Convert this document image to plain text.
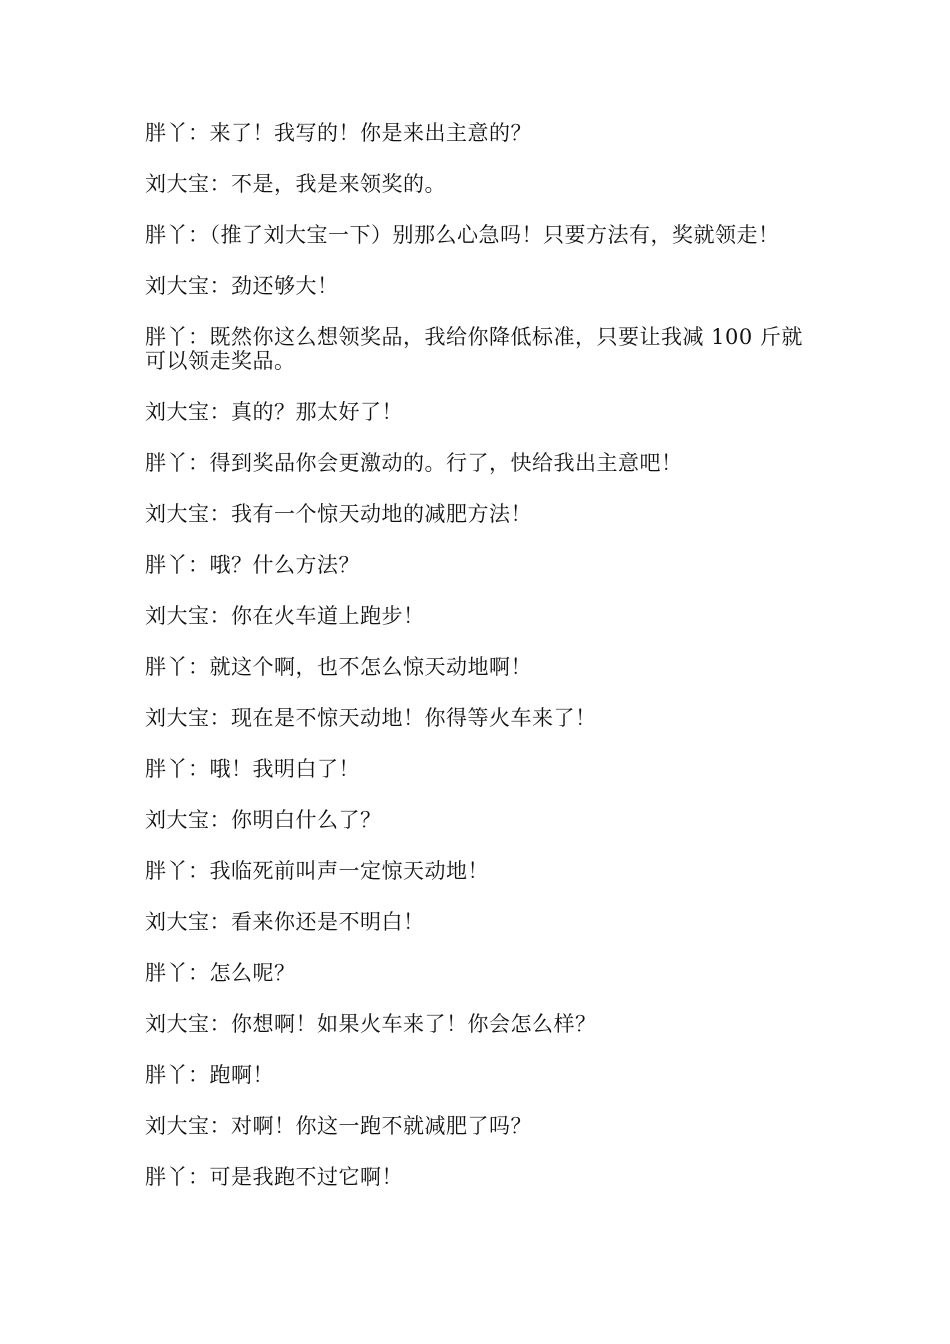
胖丫：来了！我写的！你是来出主意的？

刘大宝：不是，我是来领奖的。

胖丫：（推了刘大宝一下）别那么心急吗！只要方法有，奖就领走！

刘大宝：劲还够大！

胖丫：既然你这么想领奖品，我给你降低标准，只要让我减 100 斤就可以领走奖品。

刘大宝：真的？那太好了！

胖丫：得到奖品你会更激动的。行了，快给我出主意吧！

刘大宝：我有一个惊天动地的减肥方法！

胖丫：哦？什么方法？

刘大宝：你在火车道上跑步！

胖丫：就这个啊，也不怎么惊天动地啊！

刘大宝：现在是不惊天动地！你得等火车来了！

胖丫：哦！我明白了！

刘大宝：你明白什么了？

胖丫：我临死前叫声一定惊天动地！

刘大宝：看来你还是不明白！

胖丫：怎么呢？

刘大宝：你想啊！如果火车来了！你会怎么样？

胖丫：跑啊！

刘大宝：对啊！你这一跑不就减肥了吗？

胖丫：可是我跑不过它啊！
